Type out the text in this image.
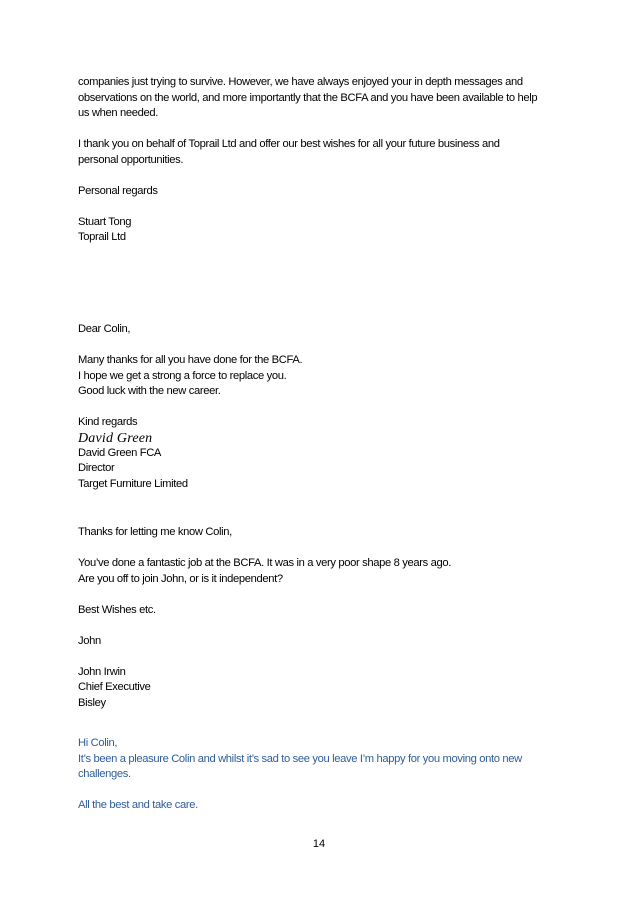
companies just trying to survive. However, we have always enjoyed your in depth messages and
observations on the world, and more importantly that the BCFA and you have been available to help
us when needed.
I thank you on behalf of Toprail Ltd and offer our best wishes for all your future business and
personal opportunities.
Personal regards
Stuart Tong
Toprail Ltd
Dear Colin,
Many thanks for all you have done for the BCFA.
I hope we get a strong a force to replace you.
Good luck with the new career.
Kind regards
David Green
David Green FCA
Director
Target Furniture Limited
Thanks for letting me know Colin,
You’ve done a fantastic job at the BCFA. It was in a very poor shape 8 years ago.
Are you off to join John, or is it independent?
Best Wishes etc.
John
John Irwin
Chief Executive
Bisley
Hi Colin,
It’s been a pleasure Colin and whilst it’s sad to see you leave I’m happy for you moving onto new
challenges.
All the best and take care.
14
